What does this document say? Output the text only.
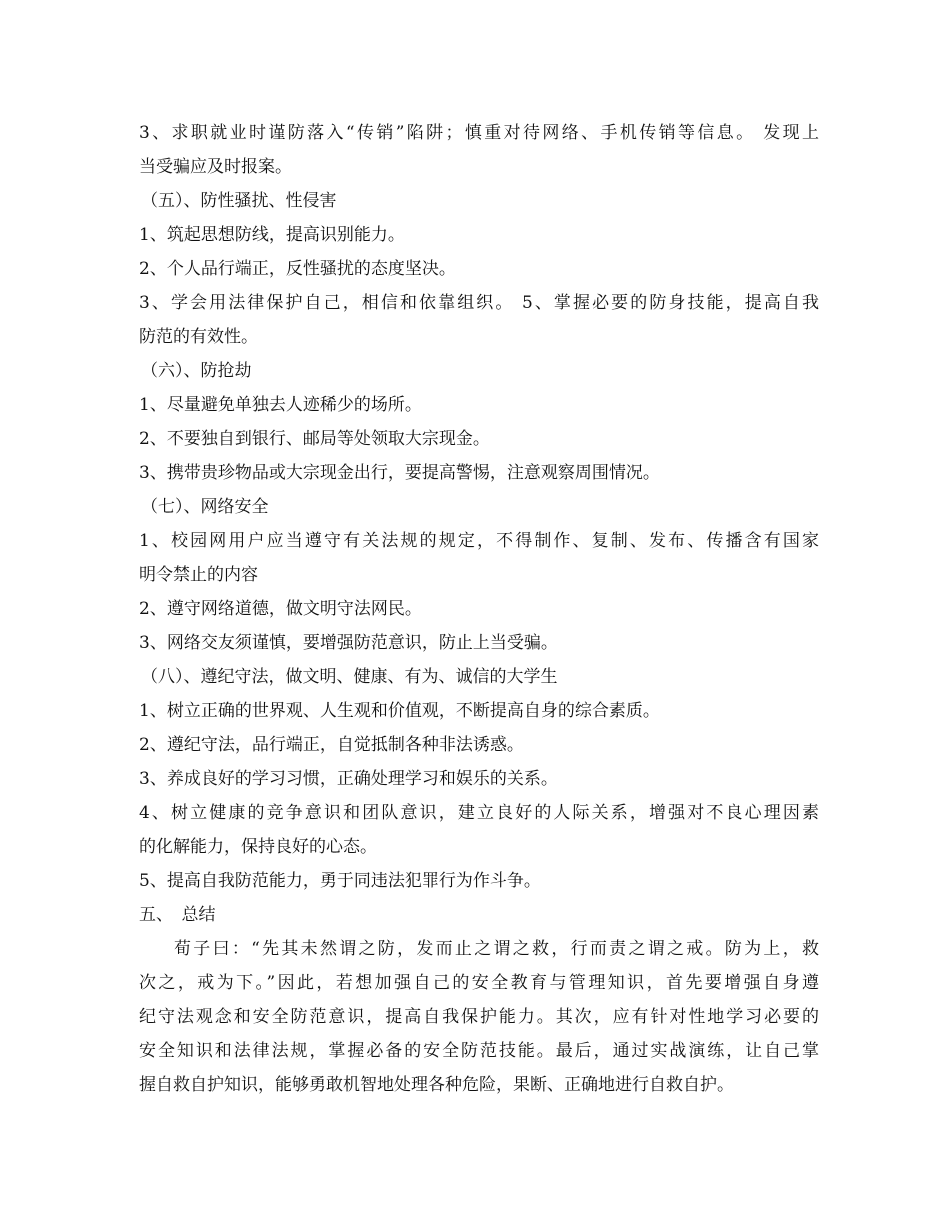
3、求职就业时谨防落入“传销”陷阱；慎重对待网络、手机传销等信息。 发现上
当受骗应及时报案。
（五）、防性骚扰、性侵害
1、筑起思想防线，提高识别能力。
2、个人品行端正，反性骚扰的态度坚决。
3、学会用法律保护自己，相信和依靠组织。 5、掌握必要的防身技能，提高自我
防范的有效性。
（六）、防抢劫
1、尽量避免单独去人迹稀少的场所。
2、不要独自到银行、邮局等处领取大宗现金。
3、携带贵珍物品或大宗现金出行，要提高警惕，注意观察周围情况。
（七）、网络安全
1、校园网用户应当遵守有关法规的规定，不得制作、复制、发布、传播含有国家
明令禁止的内容
2、遵守网络道德，做文明守法网民。
3、网络交友须谨慎，要增强防范意识，防止上当受骗。
（八）、遵纪守法，做文明、健康、有为、诚信的大学生
1、树立正确的世界观、人生观和价值观，不断提高自身的综合素质。
2、遵纪守法，品行端正，自觉抵制各种非法诱惑。
3、养成良好的学习习惯，正确处理学习和娱乐的关系。
4、树立健康的竞争意识和团队意识，建立良好的人际关系，增强对不良心理因素
的化解能力，保持良好的心态。
5、提高自我防范能力，勇于同违法犯罪行为作斗争。
五、　总结
荀子曰：“先其未然谓之防，发而止之谓之救，行而责之谓之戒。防为上，救
次之，戒为下。”因此，若想加强自己的安全教育与管理知识，首先要增强自身遵
纪守法观念和安全防范意识，提高自我保护能力。其次，应有针对性地学习必要的
安全知识和法律法规，掌握必备的安全防范技能。最后，通过实战演练，让自己掌
握自救自护知识，能够勇敢机智地处理各种危险，果断、正确地进行自救自护。
